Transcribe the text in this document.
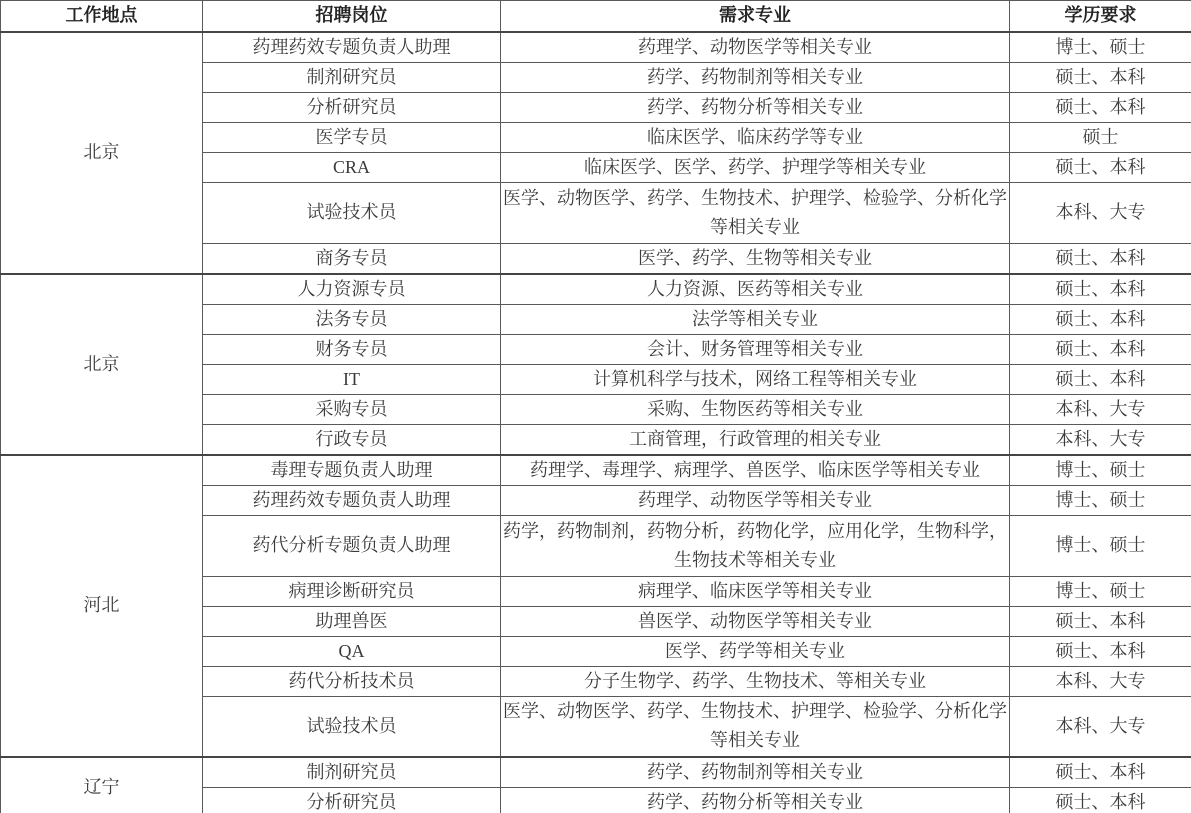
工作地点	招聘岗位	需求专业	学历要求
北京	药理药效专题负责人助理	药理学、动物医学等相关专业	博士、硕士
	制剂研究员	药学、药物制剂等相关专业	硕士、本科
	分析研究员	药学、药物分析等相关专业	硕士、本科
	医学专员	临床医学、临床药学等专业	硕士
	CRA	临床医学、医学、药学、护理学等相关专业	硕士、本科
	试验技术员	医学、动物医学、药学、生物技术、护理学、检验学、分析化学等相关专业	本科、大专
	商务专员	医学、药学、生物等相关专业	硕士、本科
北京	人力资源专员	人力资源、医药等相关专业	硕士、本科
	法务专员	法学等相关专业	硕士、本科
	财务专员	会计、财务管理等相关专业	硕士、本科
	IT	计算机科学与技术，网络工程等相关专业	硕士、本科
	采购专员	采购、生物医药等相关专业	本科、大专
	行政专员	工商管理，行政管理的相关专业	本科、大专
河北	毒理专题负责人助理	药理学、毒理学、病理学、兽医学、临床医学等相关专业	博士、硕士
	药理药效专题负责人助理	药理学、动物医学等相关专业	博士、硕士
	药代分析专题负责人助理	药学，药物制剂，药物分析，药物化学，应用化学，生物科学，生物技术等相关专业	博士、硕士
	病理诊断研究员	病理学、临床医学等相关专业	博士、硕士
	助理兽医	兽医学、动物医学等相关专业	硕士、本科
	QA	医学、药学等相关专业	硕士、本科
	药代分析技术员	分子生物学、药学、生物技术、等相关专业	本科、大专
	试验技术员	医学、动物医学、药学、生物技术、护理学、检验学、分析化学等相关专业	本科、大专
辽宁	制剂研究员	药学、药物制剂等相关专业	硕士、本科
	分析研究员	药学、药物分析等相关专业	硕士、本科
